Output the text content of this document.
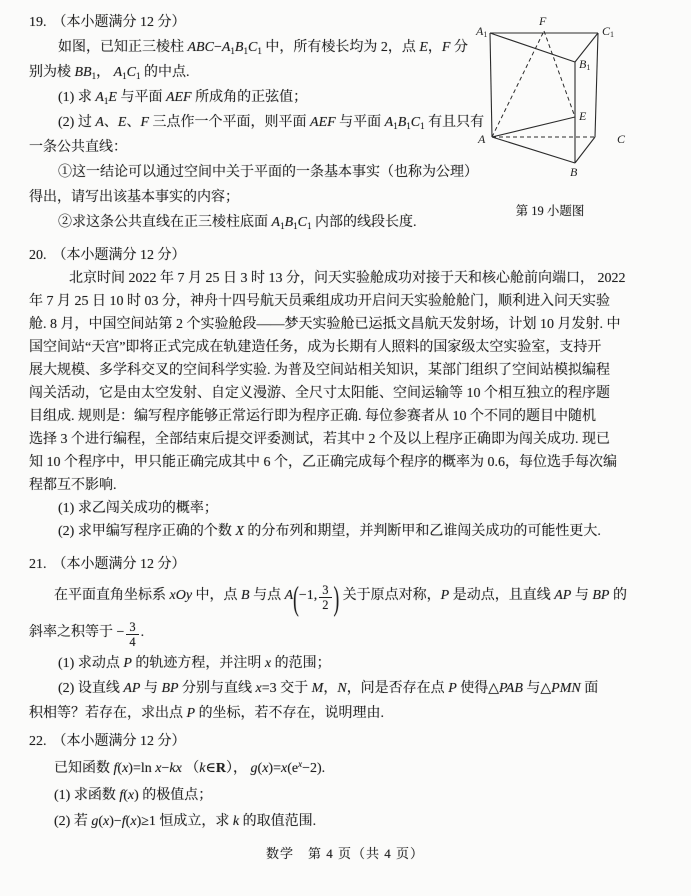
19. （本小题满分 12 分）
如图，已知正三棱柱 $ABC-A_1B_1C_1$ 中，所有棱长均为 2，点 E，F 分
别为棱 $BB_1$， $A_1C_1$ 的中点.
(1) 求 $A_1E$ 与平面 AEF 所成角的正弦值；
(2) 过 A、E、F 三点作一个平面，则平面 AEF 与平面 $A_1B_1C_1$ 有且只有
一条公共直线：
①这一结论可以通过空间中关于平面的一条基本事实（也称为公理）
得出，请写出该基本事实的内容；
②求这条公共直线在正三棱柱底面 $A_1B_1C_1$ 内部的线段长度.
$A_1$
F
$C_1$
$B_1$
E
A	C
B
第 19 小题图
20. （本小题满分 12 分）
北京时间 2022 年 7 月 25 日 3 时 13 分，问天实验舱成功对接于天和核心舱前向端口， 2022
年 7 月 25 日 10 时 03 分，神舟十四号航天员乘组成功开启问天实验舱舱门，顺利进入问天实验
舱. 8 月，中国空间站第 2 个实验舱段——梦天实验舱已运抵文昌航天发射场，计划 10 月发射. 中
国空间站“天宫”即将正式完成在轨建造任务，成为长期有人照料的国家级太空实验室，支持开
展大规模、多学科交叉的空间科学实验. 为普及空间站相关知识，某部门组织了空间站模拟编程
闯关活动，它是由太空发射、自定义漫游、全尺寸太阳能、空间运输等 10 个相互独立的程序题
目组成. 规则是：编写程序能够正常运行即为程序正确. 每位参赛者从 10 个不同的题目中随机
选择 3 个进行编程，全部结束后提交评委测试，若其中 2 个及以上程序正确即为闯关成功. 现已
知 10 个程序中，甲只能正确完成其中 6 个，乙正确完成每个程序的概率为 0.6，每位选手每次编
程都互不影响.
(1) 求乙闯关成功的概率；
(2) 求甲编写程序正确的个数 X 的分布列和期望，并判断甲和乙谁闯关成功的可能性更大.
21. （本小题满分 12 分）
在平面直角坐标系 xOy 中，点 B 与点 A(−1, $\frac{3}{2}$ ) 关于原点对称，P 是动点，且直线 AP 与 BP 的
斜率之积等于 − $\frac{3}{4}$ .
(1) 求动点 P 的轨迹方程，并注明 x 的范围；
(2) 设直线 AP 与 BP 分别与直线 x=3 交于 M，N，问是否存在点 P 使得△PAB 与△PMN 面
积相等？若存在，求出点 P 的坐标，若不存在，说明理由.
22. （本小题满分 12 分）
已知函数 f(x)=ln x−kx （k∈R）， $g(x)=x(e^x-2)$.
(1) 求函数 f(x) 的极值点；
(2) 若 g(x)−f(x)≥1 恒成立，求 k 的取值范围.
数学　第 4 页（共 4 页）
